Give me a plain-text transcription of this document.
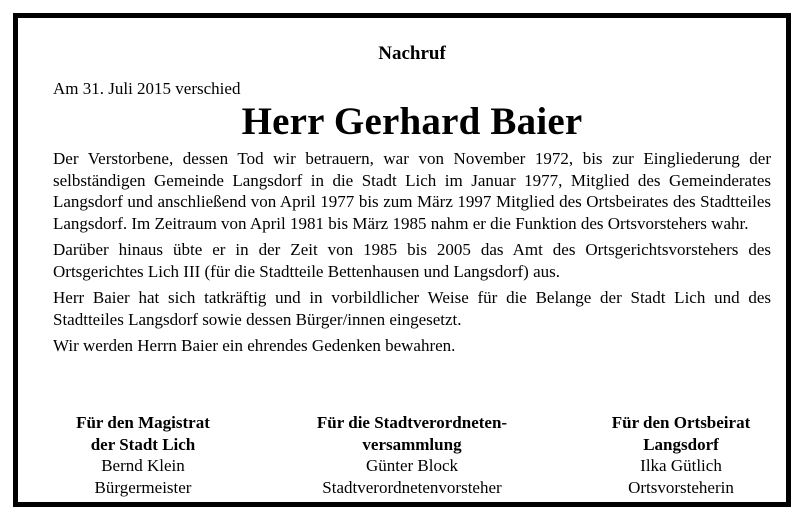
Nachruf

Am 31. Juli 2015 verschied

Herr Gerhard Baier

Der Verstorbene, dessen Tod wir betrauern, war von November 1972, bis zur Eingliederung der selbständigen Gemeinde Langsdorf in die Stadt Lich im Januar 1977, Mitglied des Gemeinderates Langsdorf und anschließend von April 1977 bis zum März 1997 Mitglied des Ortsbeirates des Stadtteiles Langsdorf. Im Zeitraum von April 1981 bis März 1985 nahm er die Funktion des Ortsvorstehers wahr.

Darüber hinaus übte er in der Zeit von 1985 bis 2005 das Amt des Ortsgerichtsvorstehers des Ortsgerichtes Lich III (für die Stadtteile Bettenhausen und Langsdorf) aus.

Herr Baier hat sich tatkräftig und in vorbildlicher Weise für die Belange der Stadt Lich und des Stadtteiles Langsdorf sowie dessen Bürger/innen eingesetzt.

Wir werden Herrn Baier ein ehrendes Gedenken bewahren.

Für den Magistrat
der Stadt Lich
Bernd Klein
Bürgermeister
Für die Stadtverordneten-
versammlung
Günter Block
Stadtverordnetenvorsteher
Für den Ortsbeirat
Langsdorf
Ilka Gütlich
Ortsvorsteherin
